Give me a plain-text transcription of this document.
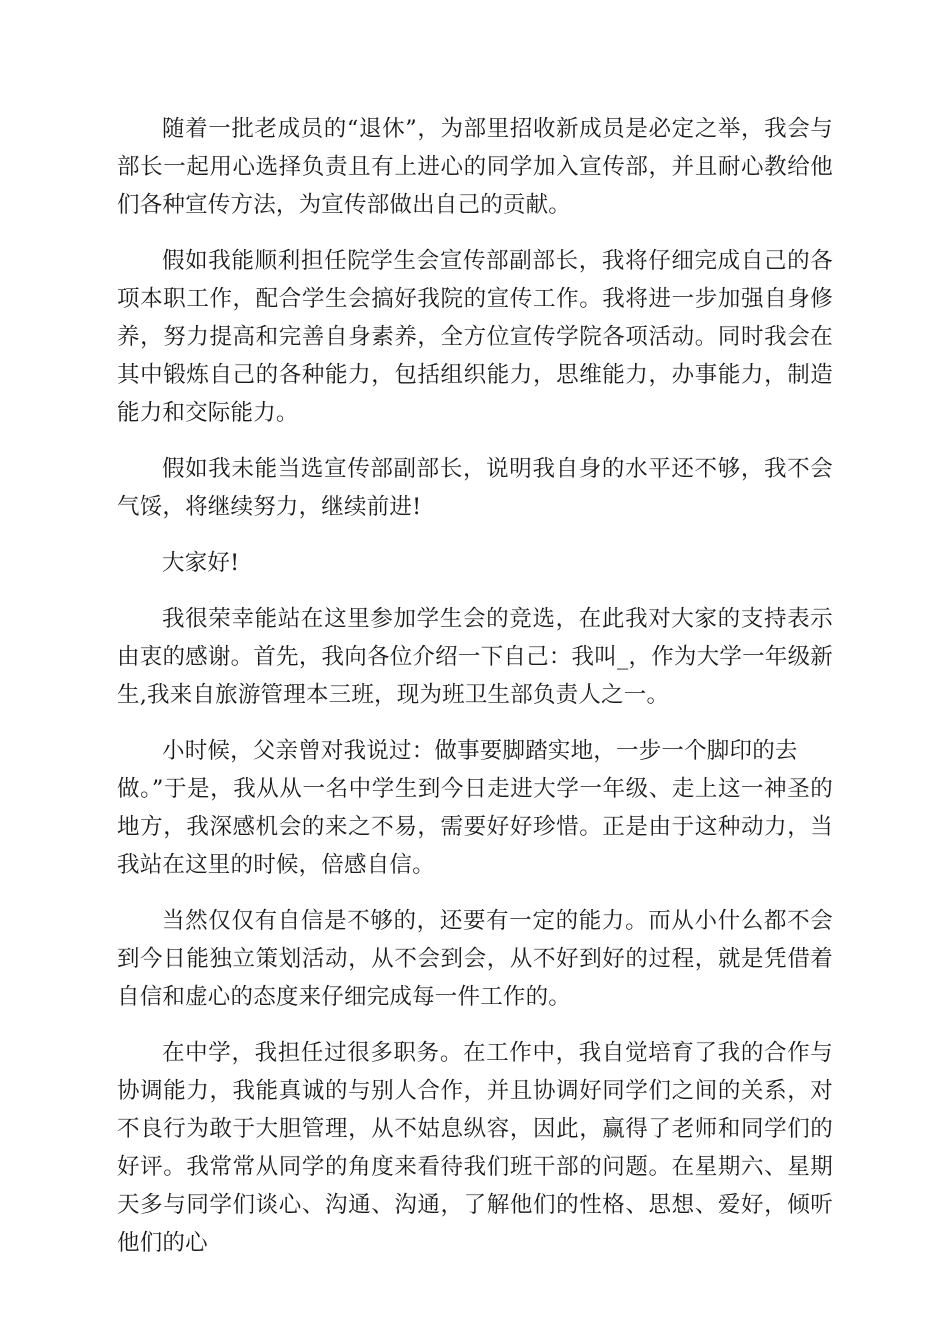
随着一批老成员的“退休”，为部里招收新成员是必定之举，我会与部长一起用心选择负责且有上进心的同学加入宣传部，并且耐心教给他们各种宣传方法，为宣传部做出自己的贡献。

假如我能顺利担任院学生会宣传部副部长，我将仔细完成自己的各项本职工作，配合学生会搞好我院的宣传工作。我将进一步加强自身修养，努力提高和完善自身素养，全方位宣传学院各项活动。同时我会在其中锻炼自己的各种能力，包括组织能力，思维能力，办事能力，制造能力和交际能力。

假如我未能当选宣传部副部长，说明我自身的水平还不够，我不会气馁，将继续努力，继续前进!

大家好!

我很荣幸能站在这里参加学生会的竞选，在此我对大家的支持表示由衷的感谢。首先，我向各位介绍一下自己：我叫_，作为大学一年级新生,我来自旅游管理本三班，现为班卫生部负责人之一。

小时候，父亲曾对我说过：做事要脚踏实地，一步一个脚印的去
做。”于是，我从从一名中学生到今日走进大学一年级、走上这一神圣的地方，我深感机会的来之不易，需要好好珍惜。正是由于这种动力，当我站在这里的时候，倍感自信。

当然仅仅有自信是不够的，还要有一定的能力。而从小什么都不会到今日能独立策划活动，从不会到会，从不好到好的过程，就是凭借着自信和虚心的态度来仔细完成每一件工作的。

在中学，我担任过很多职务。在工作中，我自觉培育了我的合作与协调能力，我能真诚的与别人合作，并且协调好同学们之间的关系，对不良行为敢于大胆管理，从不姑息纵容，因此，赢得了老师和同学们的好评。我常常从同学的角度来看待我们班干部的问题。在星期六、星期天多与同学们谈心、沟通、沟通，了解他们的性格、思想、爱好，倾听他们的心
